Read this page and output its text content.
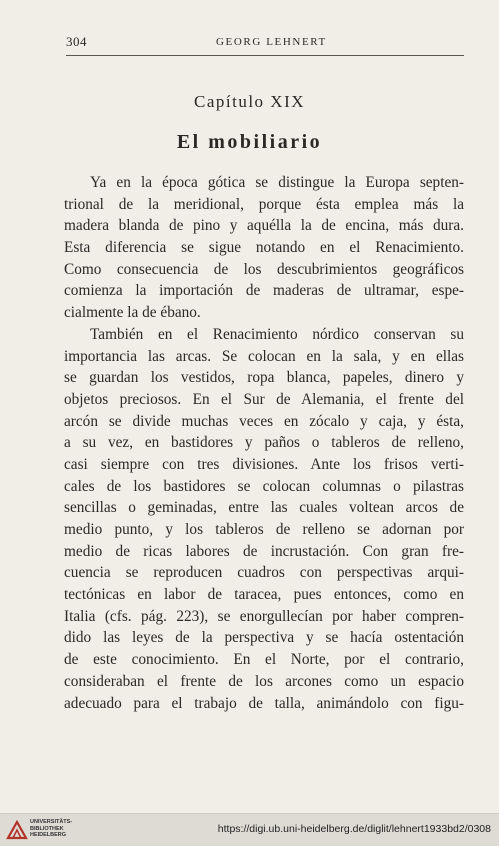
304	GEORG LEHNERT
Capítulo XIX
El mobiliario
Ya en la época gótica se distingue la Europa septen-
trional de la meridional, porque ésta emplea más la
madera blanda de pino y aquélla la de encina, más dura.
Esta diferencia se sigue notando en el Renacimiento.
Como consecuencia de los descubrimientos geográficos
comienza la importación de maderas de ultramar, espe-
cialmente la de ébano.
También en el Renacimiento nórdico conservan su
importancia las arcas. Se colocan en la sala, y en ellas
se guardan los vestidos, ropa blanca, papeles, dinero y
objetos preciosos. En el Sur de Alemania, el frente del
arcón se divide muchas veces en zócalo y caja, y ésta,
a su vez, en bastidores y paños o tableros de relleno,
casi siempre con tres divisiones. Ante los frisos verti-
cales de los bastidores se colocan columnas o pilastras
sencillas o geminadas, entre las cuales voltean arcos de
medio punto, y los tableros de relleno se adornan por
medio de ricas labores de incrustación. Con gran fre-
cuencia se reproducen cuadros con perspectivas arqui-
tectónicas en labor de taracea, pues entonces, como en
Italia (cfs. pág. 223), se enorgullecían por haber compren-
dido las leyes de la perspectiva y se hacía ostentación
de este conocimiento. En el Norte, por el contrario,
consideraban el frente de los arcones como un espacio
adecuado para el trabajo de talla, animándolo con figu-
UNIVERSITÄTS-
BIBLIOTHEK
HEIDELBERG	https://digi.ub.uni-heidelberg.de/diglit/lehnert1933bd2/0308
